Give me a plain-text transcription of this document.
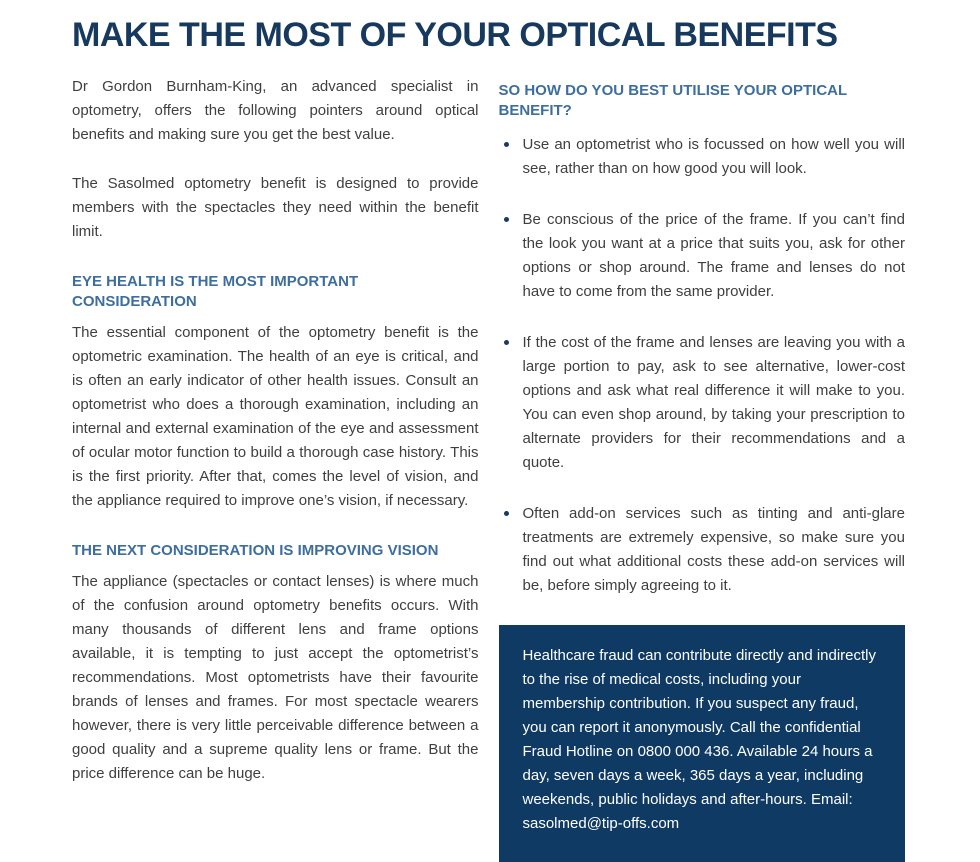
MAKE THE MOST OF YOUR OPTICAL BENEFITS

Dr Gordon Burnham-King, an advanced specialist in optometry, offers the following pointers around optical benefits and making sure you get the best value.

The Sasolmed optometry benefit is designed to provide members with the spectacles they need within the benefit limit.

EYE HEALTH IS THE MOST IMPORTANT CONSIDERATION

The essential component of the optometry benefit is the optometric examination. The health of an eye is critical, and is often an early indicator of other health issues. Consult an optometrist who does a thorough examination, including an internal and external examination of the eye and assessment of ocular motor function to build a thorough case history. This is the first priority. After that, comes the level of vision, and the appliance required to improve one’s vision, if necessary.

THE NEXT CONSIDERATION IS IMPROVING VISION

The appliance (spectacles or contact lenses) is where much of the confusion around optometry benefits occurs. With many thousands of different lens and frame options available, it is tempting to just accept the optometrist’s recommendations. Most optometrists have their favourite brands of lenses and frames. For most spectacle wearers however, there is very little perceivable difference between a good quality and a supreme quality lens or frame. But the price difference can be huge.

SO HOW DO YOU BEST UTILISE YOUR OPTICAL BENEFIT?
Use an optometrist who is focussed on how well you will see, rather than on how good you will look.
Be conscious of the price of the frame. If you can’t find the look you want at a price that suits you, ask for other options or shop around. The frame and lenses do not have to come from the same provider.
If the cost of the frame and lenses are leaving you with a large portion to pay, ask to see alternative, lower-cost options and ask what real difference it will make to you. You can even shop around, by taking your prescription to alternate providers for their recommendations and a quote.
Often add-on services such as tinting and anti-glare treatments are extremely expensive, so make sure you find out what additional costs these add-on services will be, before simply agreeing to it.

Healthcare fraud can contribute directly and indirectly to the rise of medical costs, including your membership contribution. If you suspect any fraud, you can report it anonymously. Call the confidential Fraud Hotline on 0800 000 436. Available 24 hours a day, seven days a week, 365 days a year, including weekends, public holidays and after-hours. Email: sasolmed@tip-offs.com
